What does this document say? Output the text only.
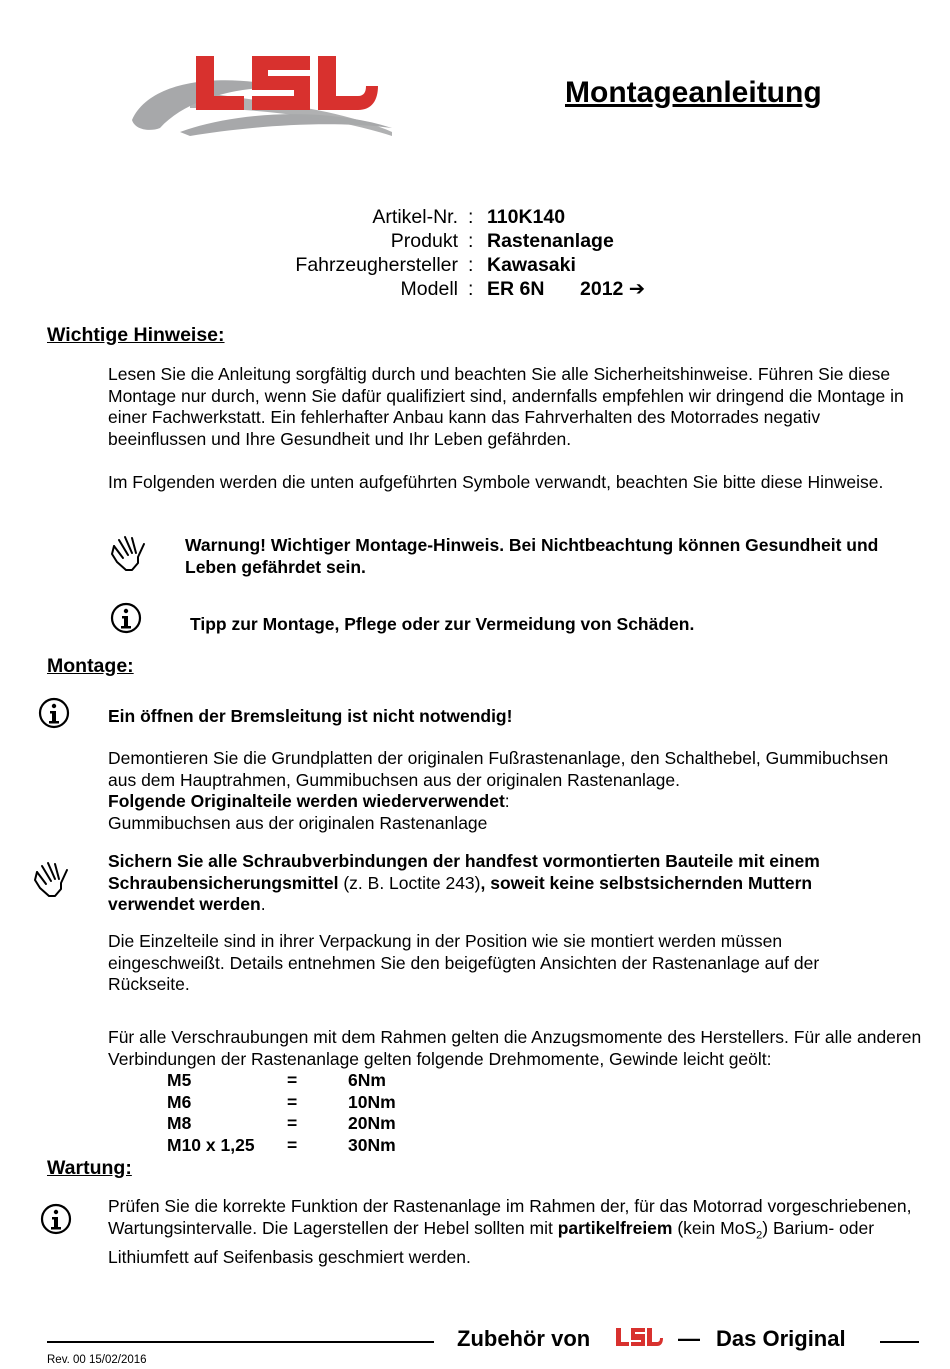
Montageanleitung
Artikel-Nr. : 110K140
Produkt : Rastenanlage
Fahrzeughersteller : Kawasaki
Modell : ER 6N 2012 ➔
Wichtige Hinweise:
Lesen Sie die Anleitung sorgfältig durch und beachten Sie alle Sicherheitshinweise. Führen Sie diese Montage nur durch, wenn Sie dafür qualifiziert sind, andernfalls empfehlen wir dringend die Montage in einer Fachwerkstatt. Ein fehlerhafter Anbau kann das Fahrverhalten des Motorrades negativ beeinflussen und Ihre Gesundheit und Ihr Leben gefährden.
Im Folgenden werden die unten aufgeführten Symbole verwandt, beachten Sie bitte diese Hinweise.
Warnung! Wichtiger Montage-Hinweis. Bei Nichtbeachtung können Gesundheit und Leben gefährdet sein.
Tipp zur Montage, Pflege oder zur Vermeidung von Schäden.
Montage:
Ein öffnen der Bremsleitung ist nicht notwendig!

Demontieren Sie die Grundplatten der originalen Fußrastenanlage, den Schalthebel, Gummibuchsen aus dem Hauptrahmen, Gummibuchsen aus der originalen Rastenanlage.

Folgende Originalteile werden wiederverwendet:

Gummibuchsen aus der originalen Rastenanlage

Sichern Sie alle Schraubverbindungen der handfest vormontierten Bauteile mit einem Schraubensicherungsmittel (z. B. Loctite 243), soweit keine selbstsichernden Muttern verwendet werden.
Die Einzelteile sind in ihrer Verpackung in der Position wie sie montiert werden müssen eingeschweißt. Details entnehmen Sie den beigefügten Ansichten der Rastenanlage auf der Rückseite.
Für alle Verschraubungen mit dem Rahmen gelten die Anzugsmomente des Herstellers. Für alle anderen Verbindungen der Rastenanlage gelten folgende Drehmomente, Gewinde leicht geölt:
M5	=	6Nm
M6	=	10Nm
M8	=	20Nm
M10 x 1,25 =	30Nm
Wartung:
Prüfen Sie die korrekte Funktion der Rastenanlage im Rahmen der, für das Motorrad vorgeschriebenen, Wartungsintervalle. Die Lagerstellen der Hebel sollten mit partikelfreiem (kein MoS$_2$) Barium- oder Lithiumfett auf Seifenbasis geschmiert werden.
Zubehör von	— Das Original
Rev. 00 15/02/2016
